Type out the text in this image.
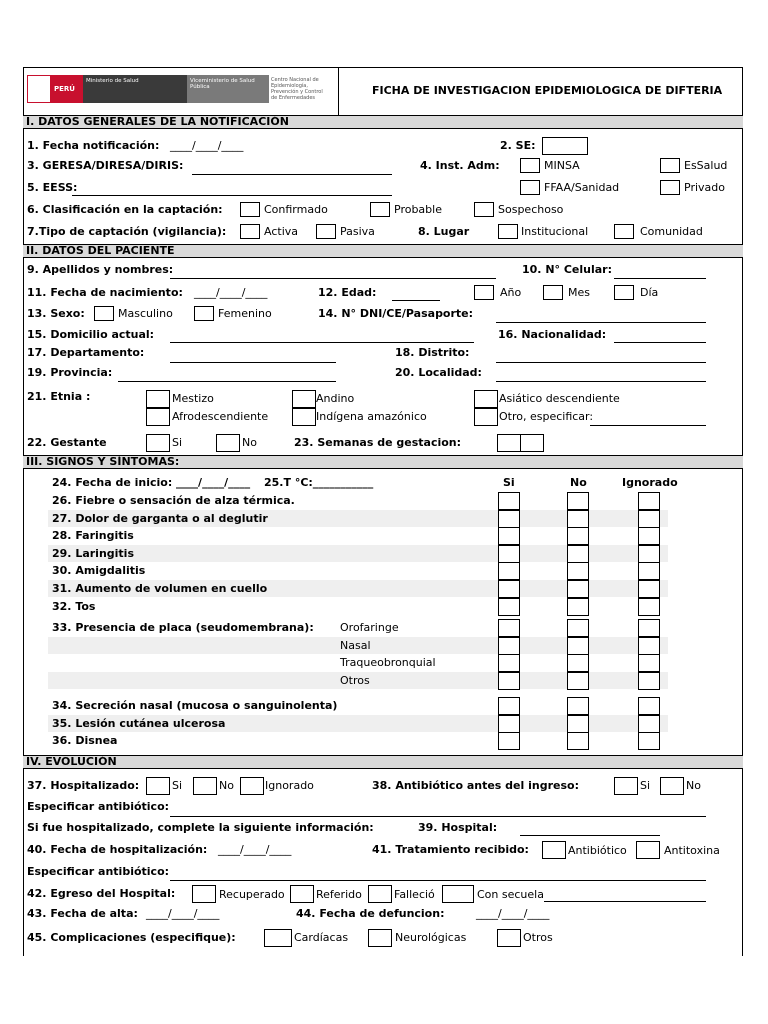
PERÚ
Ministerio de Salud	Viceministerio de Salud Pública
Centro Nacional de Epidemiología, Prevención y Control de Enfermedades
FICHA DE INVESTIGACION EPIDEMIOLOGICA DE DIFTERIA
I. DATOS GENERALES DE LA NOTIFICACIÓN
1. Fecha notificación: ____/____/____	2. SE:
3. GERESA/DIRESA/DIRIS:	4. Inst. Adm:	MINSA	EsSalud
5. EESS:	FFAA/Sanidad	Privado
6. Clasificación en la captación:	Confirmado	Probable	Sospechoso
7.Tipo de captación (vigilancia):	Activa	Pasiva	8. Lugar	Institucional	Comunidad
II. DATOS DEL PACIENTE
9. Apellidos y nombres:	10. N° Celular:
11. Fecha de nacimiento: ____/____/____	12. Edad:	Año	Mes	Día
13. Sexo:	Masculino	Femenino	14. N° DNI/CE/Pasaporte:
15. Domicilio actual:	16. Nacionalidad:
17. Departamento:	18. Distrito:
19. Provincia:	20. Localidad:
21. Etnia :	Mestizo	Andino	Asiático descendiente
Afrodescendiente	Indígena amazónico	Otro, especificar:
22. Gestante	Si	No	23. Semanas de gestacion:
III. SIGNOS Y SÍNTOMAS:
24. Fecha de inicio: ____/____/____ 25.T °C:___________	Si	No	Ignorado
26. Fiebre o sensación de alza térmica.
27. Dolor de garganta o al deglutir
28. Faringitis
29. Laringitis
30. Amigdalitis
31. Aumento de volumen en cuello
32. Tos
33. Presencia de placa (seudomembrana): Orofaringe
Nasal
Traqueobronquial
Otros
34. Secreción nasal (mucosa o sanguinolenta)
35. Lesión cutánea ulcerosa
36. Disnea
IV. EVOLUCIÓN
37. Hospitalizado:	Si	No	Ignorado	38. Antibiótico antes del ingreso:	Si	No
Especificar antibiótico:
Si fue hospitalizado, complete la siguiente información:	39. Hospital:
40. Fecha de hospitalización: ____/____/____	41. Tratamiento recibido:	Antibiótico	Antitoxina
Especificar antibiótico:
42. Egreso del Hospital:	Recuperado	Referido	Falleció	Con secuela
43. Fecha de alta: ____/____/____	44. Fecha de defuncion:	____/____/____
45. Complicaciones (especifique):	Cardíacas	Neurológicas	Otros
